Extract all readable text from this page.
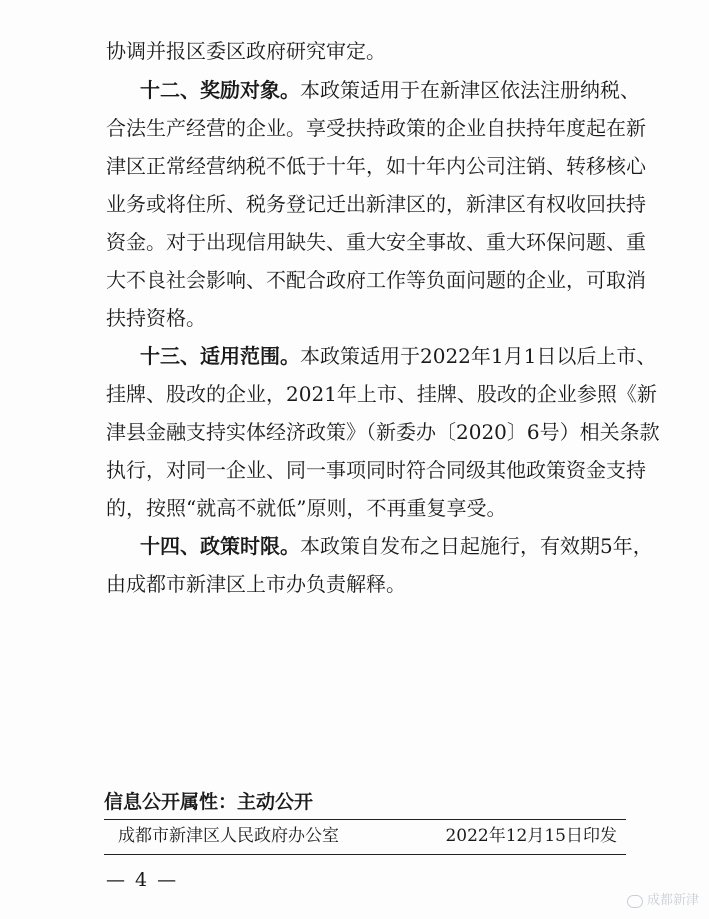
协调并报区委区政府研究审定。
十二、奖励对象。本政策适用于在新津区依法注册纳税、
合法生产经营的企业。享受扶持政策的企业自扶持年度起在新
津区正常经营纳税不低于十年，如十年内公司注销、转移核心
业务或将住所、税务登记迁出新津区的，新津区有权收回扶持
资金。对于出现信用缺失、重大安全事故、重大环保问题、重
大不良社会影响、不配合政府工作等负面问题的企业，可取消
扶持资格。
十三、适用范围。本政策适用于2022年1月1日以后上市、
挂牌、股改的企业，2021年上市、挂牌、股改的企业参照《新
津县金融支持实体经济政策》（新委办〔2020〕6号）相关条款
执行，对同一企业、同一事项同时符合同级其他政策资金支持
的，按照“就高不就低”原则，不再重复享受。
十四、政策时限。本政策自发布之日起施行，有效期5年，
由成都市新津区上市办负责解释。
信息公开属性：主动公开
成都市新津区人民政府办公室	2022年12月15日印发
— 4 —
成都新津
